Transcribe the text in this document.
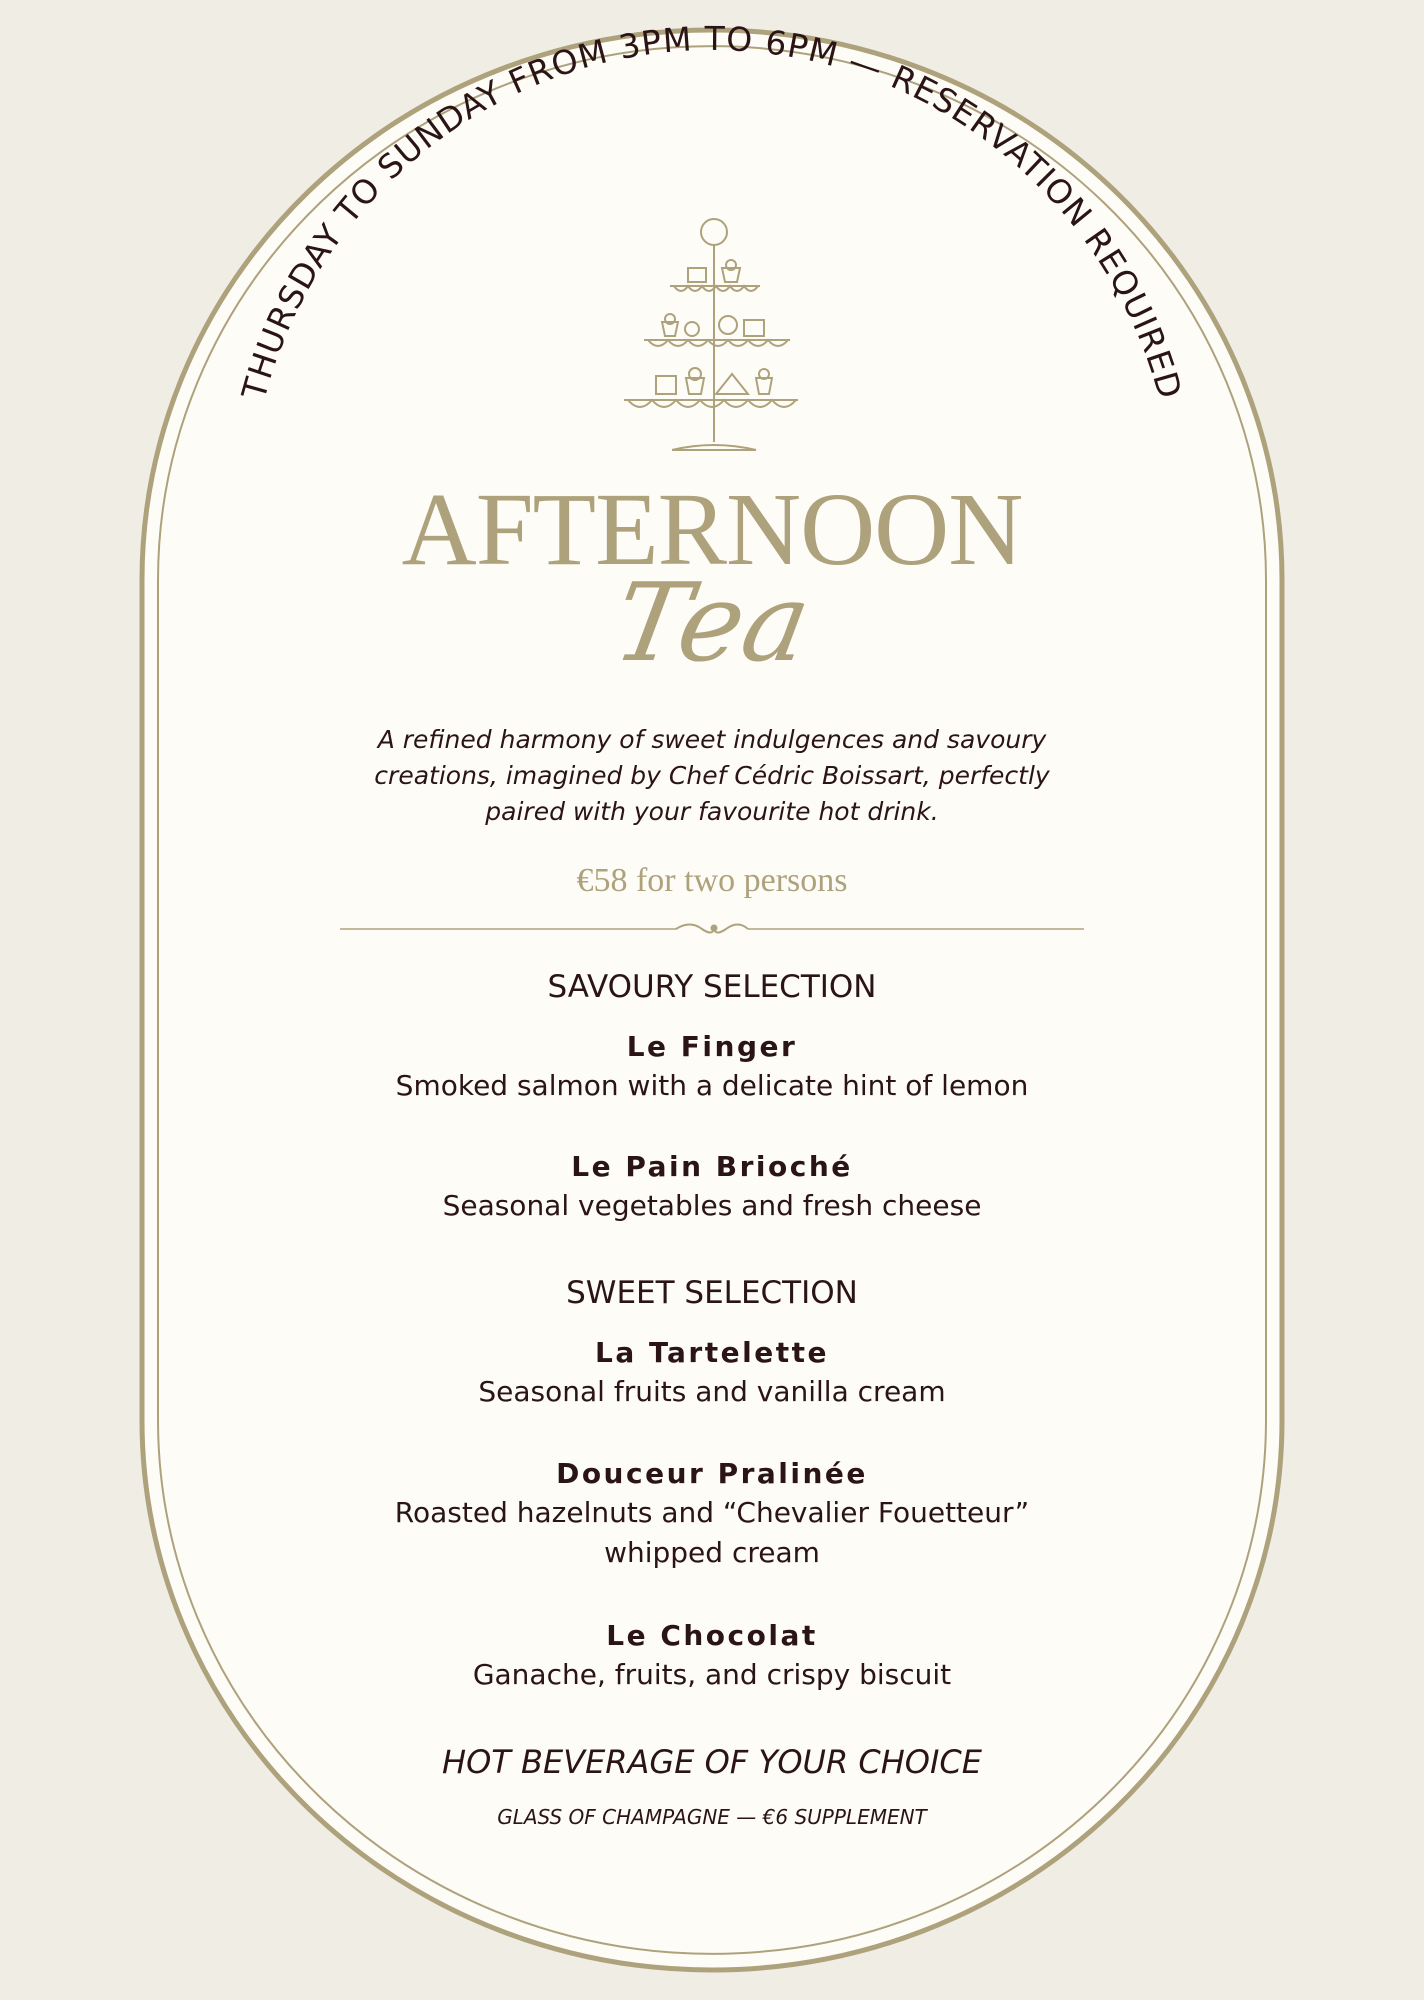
THURSDAY TO SUNDAY FROM 3PM TO 6PM — RESERVATION REQUIRED
AFTERNOON
Tea
A refined harmony of sweet indulgences and savoury
creations, imagined by Chef Cédric Boissart, perfectly
paired with your favourite hot drink.
€58 for two persons
SAVOURY SELECTION
Le Finger
Smoked salmon with a delicate hint of lemon
Le Pain Brioché
Seasonal vegetables and fresh cheese
SWEET SELECTION
La Tartelette
Seasonal fruits and vanilla cream
Douceur Pralinée
Roasted hazelnuts and “Chevalier Fouetteur”
whipped cream
Le Chocolat
Ganache, fruits, and crispy biscuit
HOT BEVERAGE OF YOUR CHOICE
GLASS OF CHAMPAGNE — €6 SUPPLEMENT
